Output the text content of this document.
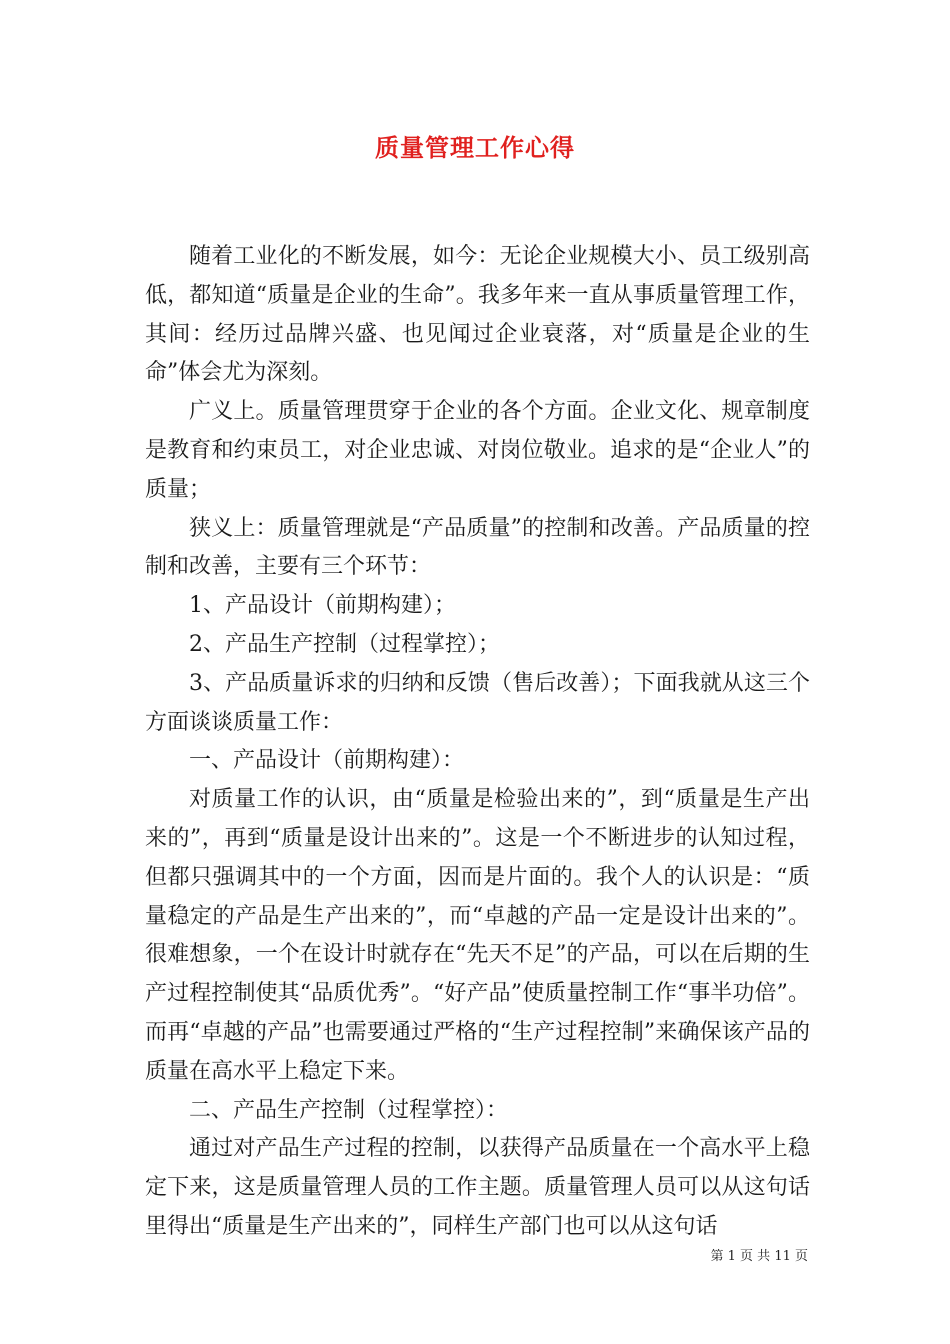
质量管理工作心得

随着工业化的不断发展，如今：无论企业规模大小、员工级别高低，都知道“质量是企业的生命”。我多年来一直从事质量管理工作，其间：经历过品牌兴盛、也见闻过企业衰落，对“质量是企业的生命”体会尤为深刻。

广义上。质量管理贯穿于企业的各个方面。企业文化、规章制度是教育和约束员工，对企业忠诚、对岗位敬业。追求的是“企业人”的质量；

狭义上：质量管理就是“产品质量”的控制和改善。产品质量的控制和改善，主要有三个环节：

1、产品设计（前期构建）；

2、产品生产控制（过程掌控）；

3、产品质量诉求的归纳和反馈（售后改善）；下面我就从这三个方面谈谈质量工作：

一、产品设计（前期构建）：

对质量工作的认识，由“质量是检验出来的”，到“质量是生产出来的”，再到“质量是设计出来的”。这是一个不断进步的认知过程，但都只强调其中的一个方面，因而是片面的。我个人的认识是：“质量稳定的产品是生产出来的”，而“卓越的产品一定是设计出来的”。很难想象，一个在设计时就存在“先天不足”的产品，可以在后期的生产过程控制使其“品质优秀”。“好产品”使质量控制工作“事半功倍”。而再“卓越的产品”也需要通过严格的“生产过程控制”来确保该产品的质量在高水平上稳定下来。

二、产品生产控制（过程掌控）：

通过对产品生产过程的控制，以获得产品质量在一个高水平上稳定下来，这是质量管理人员的工作主题。质量管理人员可以从这句话里得出“质量是生产出来的”，同样生产部门也可以从这句话

第 1 页 共 11 页
